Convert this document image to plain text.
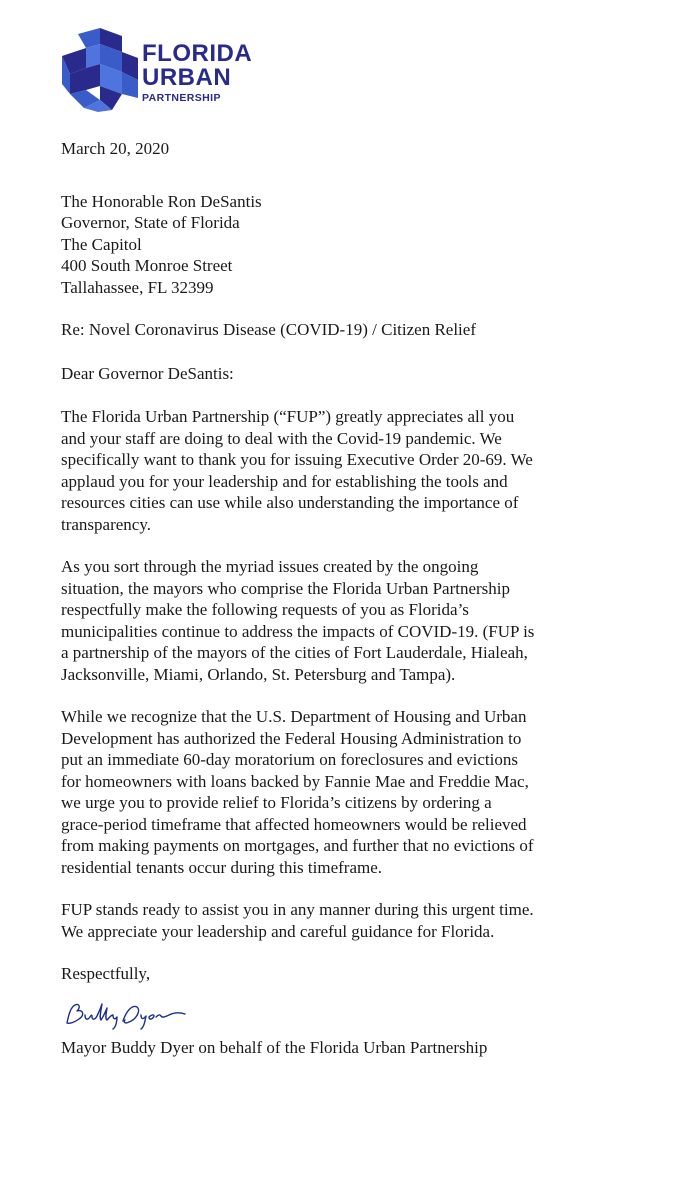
FLORIDA
URBAN
PARTNERSHIP
March 20, 2020
The Honorable Ron DeSantis
Governor, State of Florida
The Capitol
400 South Monroe Street
Tallahassee, FL 32399
Re: Novel Coronavirus Disease (COVID-19) / Citizen Relief
Dear Governor DeSantis:
The Florida Urban Partnership (“FUP”) greatly appreciates all you
and your staff are doing to deal with the Covid-19 pandemic. We
specifically want to thank you for issuing Executive Order 20-69. We
applaud you for your leadership and for establishing the tools and
resources cities can use while also understanding the importance of
transparency.
As you sort through the myriad issues created by the ongoing
situation, the mayors who comprise the Florida Urban Partnership
respectfully make the following requests of you as Florida’s
municipalities continue to address the impacts of COVID-19. (FUP is
a partnership of the mayors of the cities of Fort Lauderdale, Hialeah,
Jacksonville, Miami, Orlando, St. Petersburg and Tampa).
While we recognize that the U.S. Department of Housing and Urban
Development has authorized the Federal Housing Administration to
put an immediate 60-day moratorium on foreclosures and evictions
for homeowners with loans backed by Fannie Mae and Freddie Mac,
we urge you to provide relief to Florida’s citizens by ordering a
grace-period timeframe that affected homeowners would be relieved
from making payments on mortgages, and further that no evictions of
residential tenants occur during this timeframe.
FUP stands ready to assist you in any manner during this urgent time.
We appreciate your leadership and careful guidance for Florida.
Respectfully,
Mayor Buddy Dyer on behalf of the Florida Urban Partnership
